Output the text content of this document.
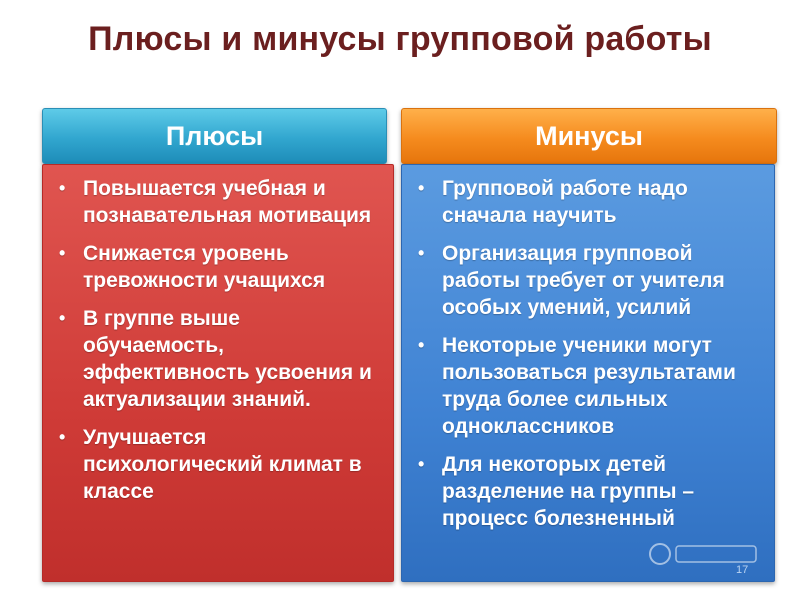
Плюсы и минусы групповой работы
Плюсы	Минусы
• Повышается учебная и познавательная мотивация
• Снижается уровень тревожности учащихся
• В группе выше обучаемость, эффективность усвоения и актуализации знаний.
• Улучшается психологический климат в классе
• Групповой работе надо сначала научить
• Организация групповой работы требует от учителя особых умений, усилий
• Некоторые ученики могут пользоваться результатами труда более сильных одноклассников
• Для некоторых детей разделение на группы – процесс болезненный
17
